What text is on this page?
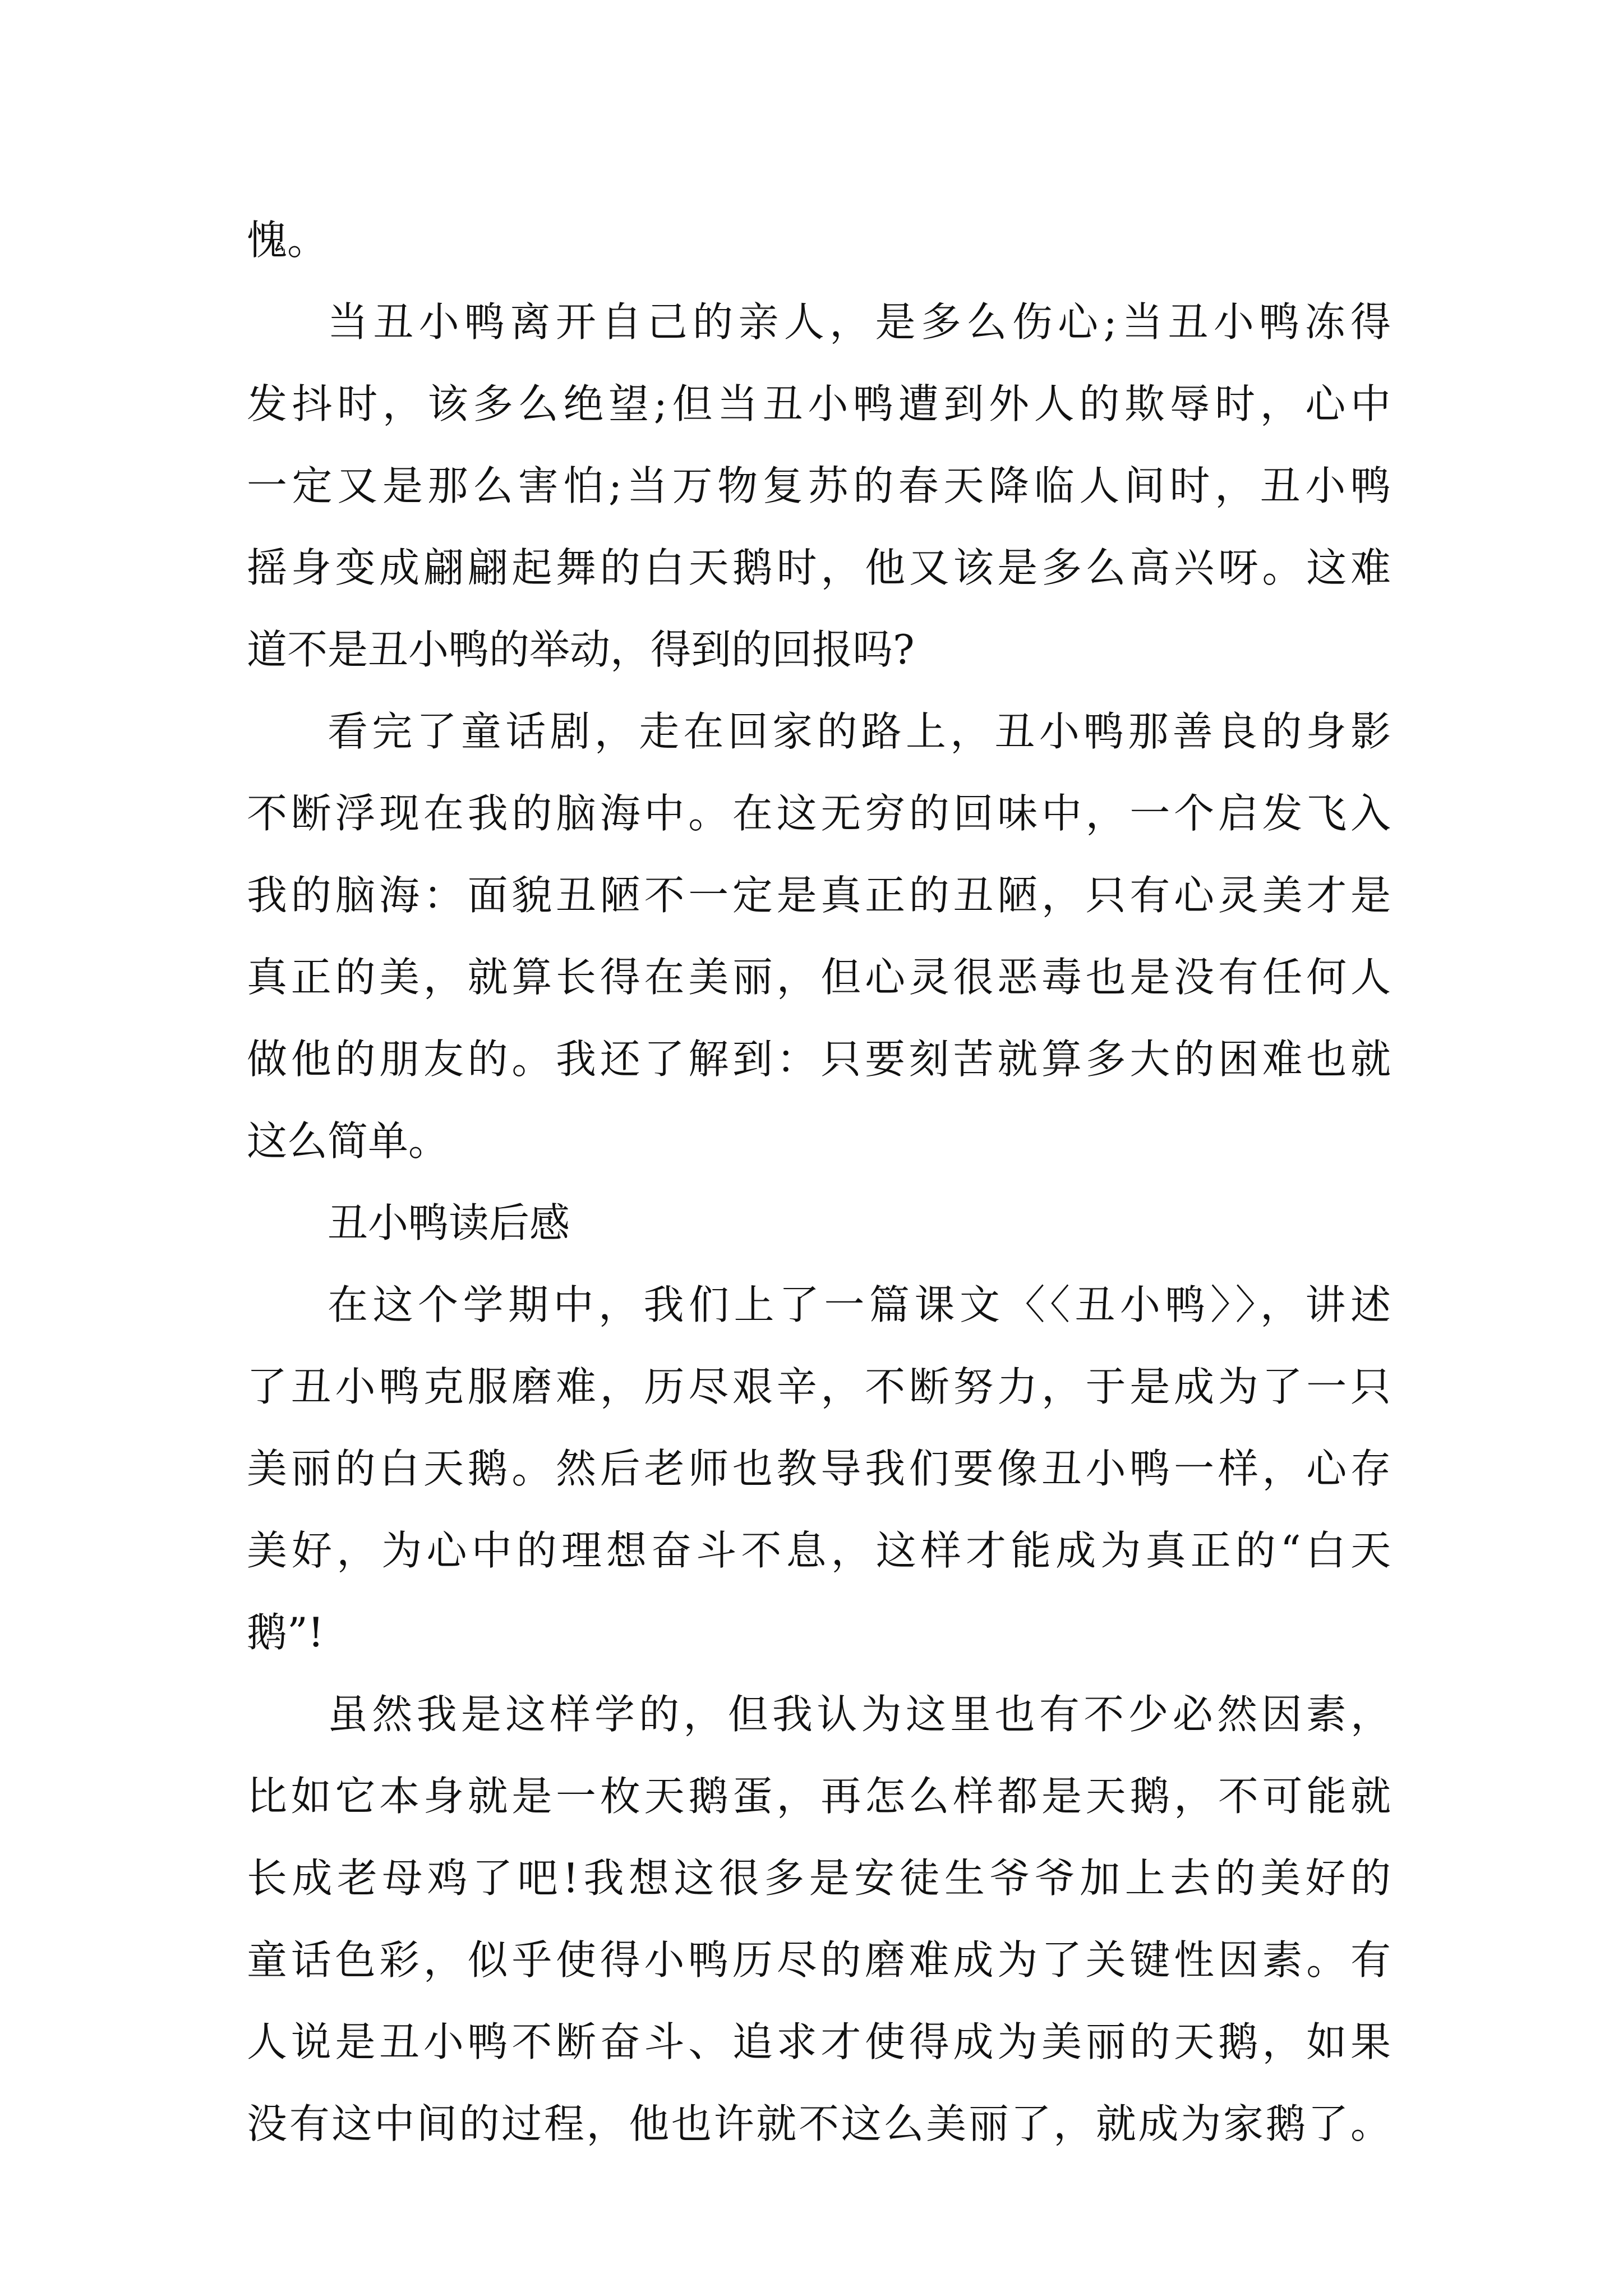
愧。
当丑小鸭离开自己的亲人，是多么伤心;当丑小鸭冻得
发抖时，该多么绝望;但当丑小鸭遭到外人的欺辱时，心中
一定又是那么害怕;当万物复苏的春天降临人间时，丑小鸭
摇身变成翩翩起舞的白天鹅时，他又该是多么高兴呀。这难
道不是丑小鸭的举动，得到的回报吗?
看完了童话剧，走在回家的路上，丑小鸭那善良的身影
不断浮现在我的脑海中。在这无穷的回味中，一个启发飞入
我的脑海：面貌丑陋不一定是真正的丑陋，只有心灵美才是
真正的美，就算长得在美丽，但心灵很恶毒也是没有任何人
做他的朋友的。我还了解到：只要刻苦就算多大的困难也就
这么简单。
丑小鸭读后感
在这个学期中，我们上了一篇课文〈〈丑小鸭〉〉，讲述
了丑小鸭克服磨难，历尽艰辛，不断努力，于是成为了一只
美丽的白天鹅。然后老师也教导我们要像丑小鸭一样，心存
美好，为心中的理想奋斗不息，这样才能成为真正的“白天
鹅”!
虽然我是这样学的，但我认为这里也有不少必然因素，
比如它本身就是一枚天鹅蛋，再怎么样都是天鹅，不可能就
长成老母鸡了吧!我想这很多是安徒生爷爷加上去的美好的
童话色彩，似乎使得小鸭历尽的磨难成为了关键性因素。有
人说是丑小鸭不断奋斗、追求才使得成为美丽的天鹅，如果
没有这中间的过程，他也许就不这么美丽了，就成为家鹅了。
